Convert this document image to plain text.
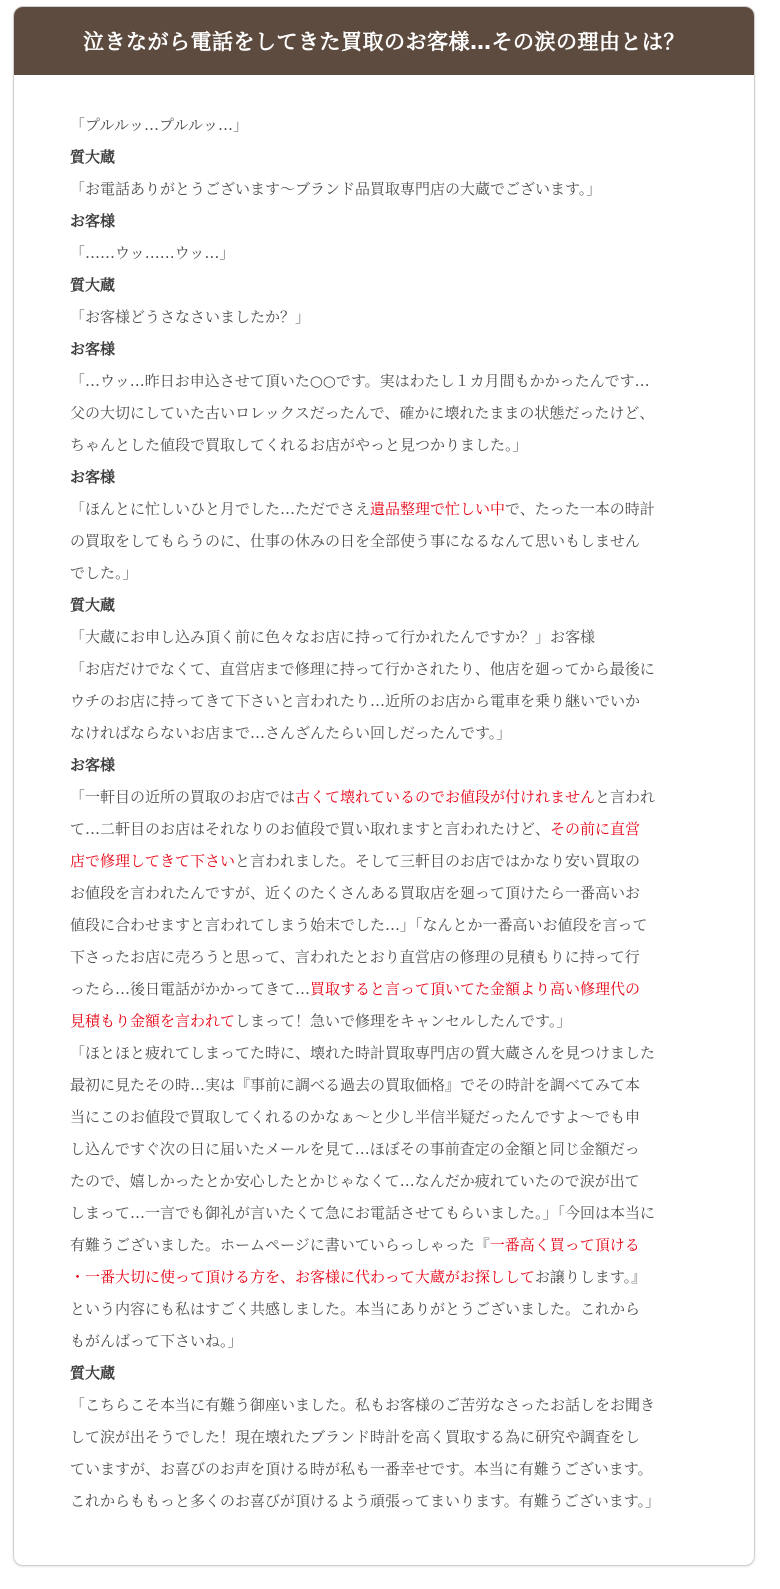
泣きながら電話をしてきた買取のお客様…その涙の理由とは？

「プルルッ…プルルッ…」

質大蔵

「お電話ありがとうございます〜ブランド品買取専門店の大蔵でございます。」

お客様

「……ウッ……ウッ…」

質大蔵

「お客様どうさなさいましたか？」

お客様

「…ウッ…昨日お申込させて頂いた○○です。実はわたし１カ月間もかかったんです…

父の大切にしていた古いロレックスだったんで、確かに壊れたままの状態だったけど、

ちゃんとした値段で買取してくれるお店がやっと見つかりました。」

お客様

「ほんとに忙しいひと月でした…ただでさえ遺品整理で忙しい中で、たった一本の時計

の買取をしてもらうのに、仕事の休みの日を全部使う事になるなんて思いもしません

でした。」

質大蔵

「大蔵にお申し込み頂く前に色々なお店に持って行かれたんですか？」お客様

「お店だけでなくて、直営店まで修理に持って行かされたり、他店を廻ってから最後に

ウチのお店に持ってきて下さいと言われたり…近所のお店から電車を乗り継いでいか

なければならないお店まで…さんざんたらい回しだったんです。」

お客様

「一軒目の近所の買取のお店では古くて壊れているのでお値段が付けれませんと言われ

て…二軒目のお店はそれなりのお値段で買い取れますと言われたけど、その前に直営

店で修理してきて下さいと言われました。そして三軒目のお店ではかなり安い買取の

お値段を言われたんですが、近くのたくさんある買取店を廻って頂けたら一番高いお

値段に合わせますと言われてしまう始末でした…」「なんとか一番高いお値段を言って

下さったお店に売ろうと思って、言われたとおり直営店の修理の見積もりに持って行

ったら…後日電話がかかってきて…買取すると言って頂いてた金額より高い修理代の

見積もり金額を言われてしまって！急いで修理をキャンセルしたんです。」

「ほとほと疲れてしまってた時に、壊れた時計買取専門店の質大蔵さんを見つけました

最初に見たその時…実は『事前に調べる過去の買取価格』でその時計を調べてみて本

当にこのお値段で買取してくれるのかなぁ〜と少し半信半疑だったんですよ〜でも申

し込んですぐ次の日に届いたメールを見て…ほぼその事前査定の金額と同じ金額だっ

たので、嬉しかったとか安心したとかじゃなくて…なんだか疲れていたので涙が出て

しまって…一言でも御礼が言いたくて急にお電話させてもらいました。」「今回は本当に

有難うございました。ホームページに書いていらっしゃった『一番高く買って頂ける

・一番大切に使って頂ける方を、お客様に代わって大蔵がお探ししてお譲りします。』

という内容にも私はすごく共感しました。本当にありがとうございました。これから

もがんばって下さいね。」

質大蔵

「こちらこそ本当に有難う御座いました。私もお客様のご苦労なさったお話しをお聞き

して涙が出そうでした！現在壊れたブランド時計を高く買取する為に研究や調査をし

ていますが、お喜びのお声を頂ける時が私も一番幸せです。本当に有難うございます。

これからももっと多くのお喜びが頂けるよう頑張ってまいります。有難うございます。」
